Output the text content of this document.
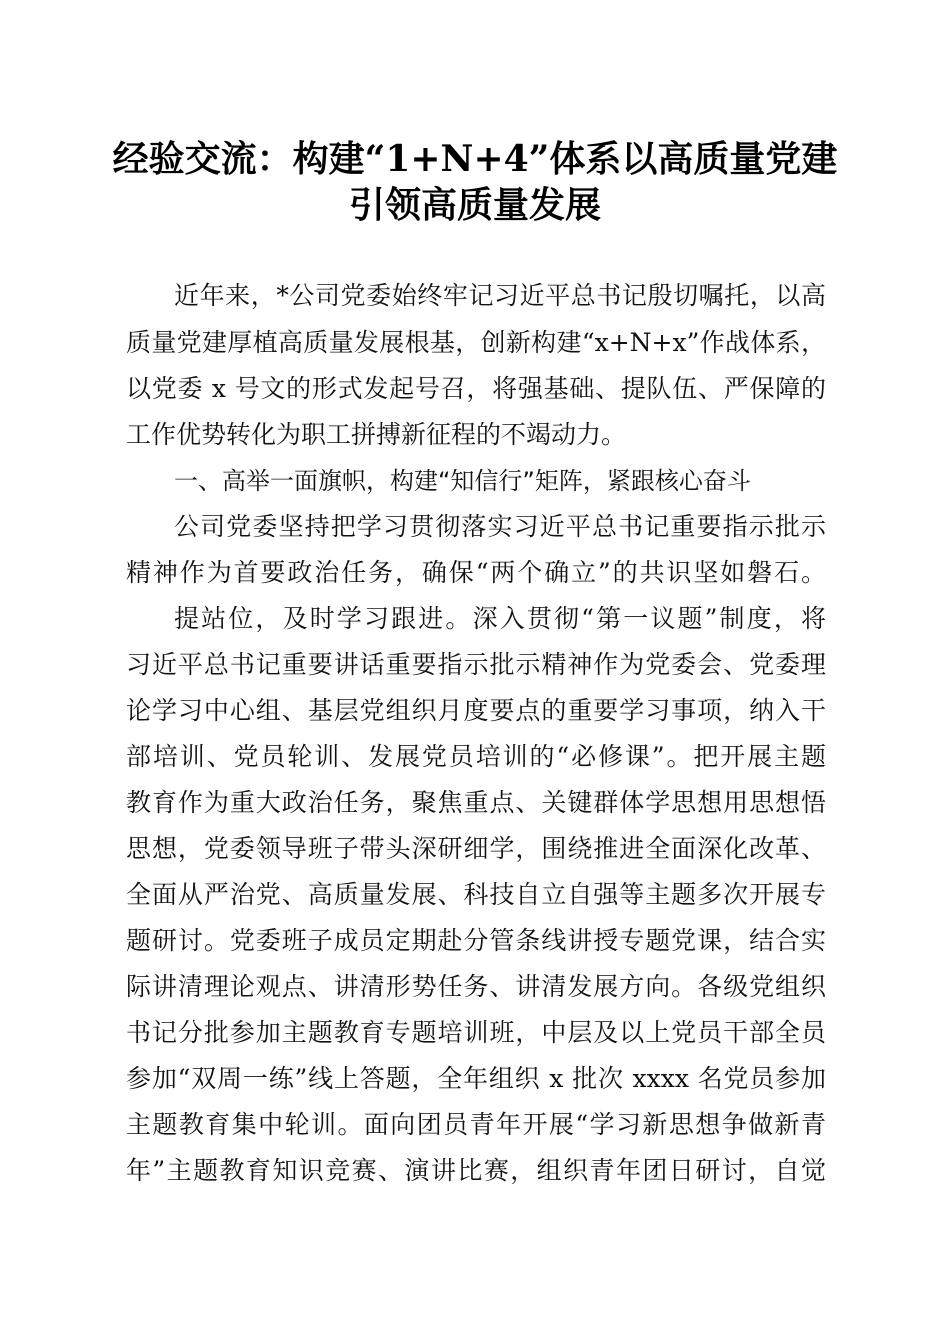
经验交流：构建“1+N+4”体系以高质量党建
引领高质量发展
近年来，*公司党委始终牢记习近平总书记殷切嘱托，以高
质量党建厚植高质量发展根基，创新构建“x+N+x”作战体系，
以党委 x 号文的形式发起号召，将强基础、提队伍、严保障的
工作优势转化为职工拼搏新征程的不竭动力。
一、高举一面旗帜，构建“知信行”矩阵，紧跟核心奋斗
公司党委坚持把学习贯彻落实习近平总书记重要指示批示
精神作为首要政治任务，确保“两个确立”的共识坚如磐石。
提站位，及时学习跟进。深入贯彻“第一议题”制度，将
习近平总书记重要讲话重要指示批示精神作为党委会、党委理
论学习中心组、基层党组织月度要点的重要学习事项，纳入干
部培训、党员轮训、发展党员培训的“必修课”。把开展主题
教育作为重大政治任务，聚焦重点、关键群体学思想用思想悟
思想，党委领导班子带头深研细学，围绕推进全面深化改革、
全面从严治党、高质量发展、科技自立自强等主题多次开展专
题研讨。党委班子成员定期赴分管条线讲授专题党课，结合实
际讲清理论观点、讲清形势任务、讲清发展方向。各级党组织
书记分批参加主题教育专题培训班，中层及以上党员干部全员
参加“双周一练”线上答题，全年组织 x 批次 xxxx 名党员参加
主题教育集中轮训。面向团员青年开展“学习新思想争做新青
年”主题教育知识竞赛、演讲比赛，组织青年团日研讨，自觉
